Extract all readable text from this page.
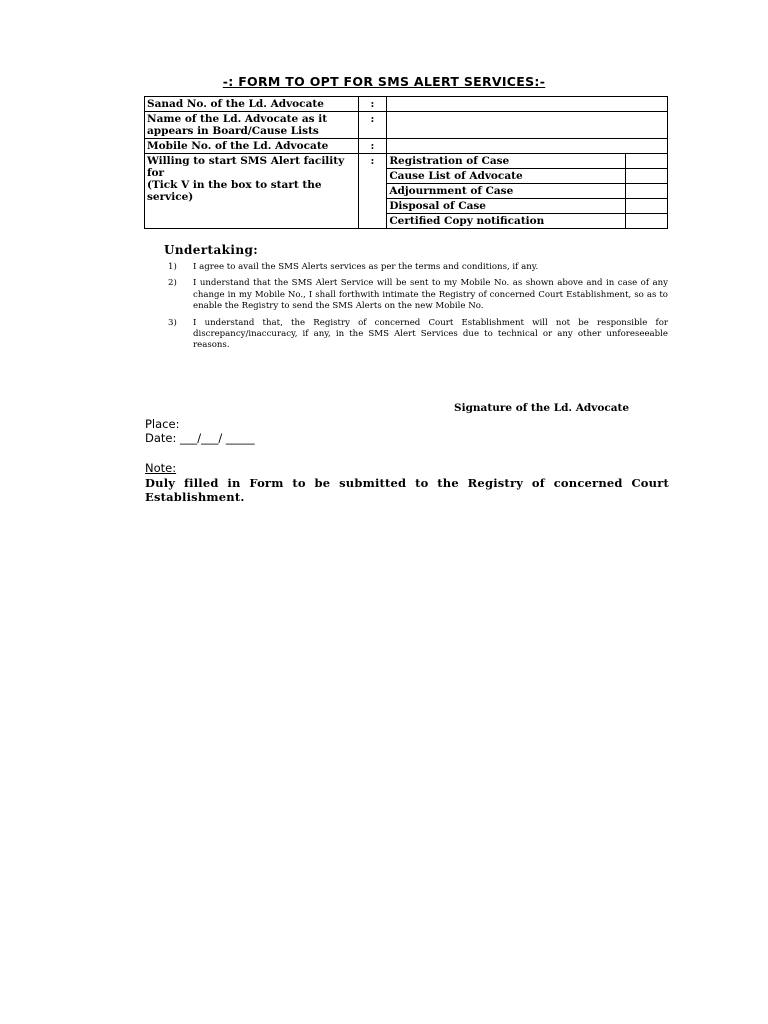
-: FORM TO OPT FOR SMS ALERT SERVICES:-
Sanad No. of the Ld. Advocate	:		
Name of the Ld. Advocate as it appears in Board/Cause Lists	:		
Mobile No. of the Ld. Advocate	:		

Willing to start SMS Alert facility for
(Tick V in the box to start the service)	:	Registration of Case	
		Cause List of Advocate	
		Adjournment of Case	
		Disposal of Case	
		Certified Copy notification	
Undertaking:
1)	I agree to avail the SMS Alerts services as per the terms and conditions, if any.
2)	I understand that the SMS Alert Service will be sent to my Mobile No. as shown above and in case of any change in my Mobile No., I shall forthwith intimate the Registry of concerned Court Establishment, so as to enable the Registry to send the SMS Alerts on the new Mobile No.
3)	I understand that, the Registry of concerned Court Establishment will not be responsible for discrepancy/inaccuracy, if any, in the SMS Alert Services due to technical or any other unforeseeable reasons.
Signature of the Ld. Advocate
Place:
Date: ___/___/ _____
Note:
Duly filled in Form to be submitted to the Registry of concerned Court Establishment.
